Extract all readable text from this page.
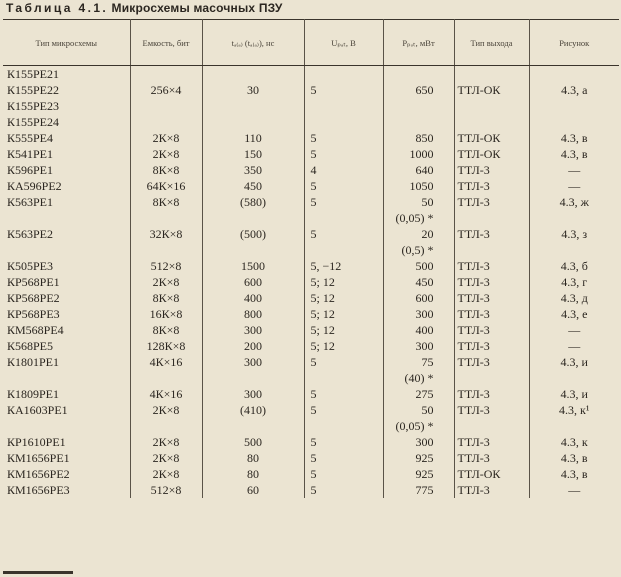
Таблица 4.1. Микросхемы масочных ПЗУ
Тип микросхемы	Емкость, бит	tₐ₍ₐ₎ (tₐ₍ₐ₎), нс	Uₚₐₜ, В	Pₚₒₜ, мВт	Тип выхода	Рисунок
К155РЕ21						
К155РЕ22	256×4	30	5	650	ТТЛ-ОК	4.3, а
К155РЕ23						
К155РЕ24						
К555РЕ4	2К×8	110	5	850	ТТЛ-ОК	4.3, в
К541РЕ1	2К×8	150	5	1000	ТТЛ-ОК	4.3, в
К596РЕ1	8К×8	350	4	640	ТТЛ-3	—
КА596РЕ2	64К×16	450	5	1050	ТТЛ-3	—
К563РЕ1	8К×8	(580)	5	50	ТТЛ-3	4.3, ж
				(0,05) *		
К563РЕ2	32К×8	(500)	5	20	ТТЛ-3	4.3, з
				(0,5) *		
К505РЕ3	512×8	1500	5, −12	500	ТТЛ-3	4.3, б
КР568РЕ1	2К×8	600	5; 12	450	ТТЛ-3	4.3, г
КР568РЕ2	8К×8	400	5; 12	600	ТТЛ-3	4.3, д
КР568РЕ3	16К×8	800	5; 12	300	ТТЛ-3	4.3, е
КМ568РЕ4	8К×8	300	5; 12	400	ТТЛ-3	—
К568РЕ5	128К×8	200	5; 12	300	ТТЛ-3	—
К1801РЕ1	4К×16	300	5	75	ТТЛ-3	4.3, и
				(40) *		
К1809РЕ1	4К×16	300	5	275	ТТЛ-3	4.3, и
КА1603РЕ1	2К×8	(410)	5	50	ТТЛ-3	4.3, к¹
				(0,05) *		
КР1610РЕ1	2К×8	500	5	300	ТТЛ-3	4.3, к
КМ1656РЕ1	2К×8	80	5	925	ТТЛ-3	4.3, в
КМ1656РЕ2	2К×8	80	5	925	ТТЛ-ОК	4.3, в
КМ1656РЕ3	512×8	60	5	775	ТТЛ-3	—
